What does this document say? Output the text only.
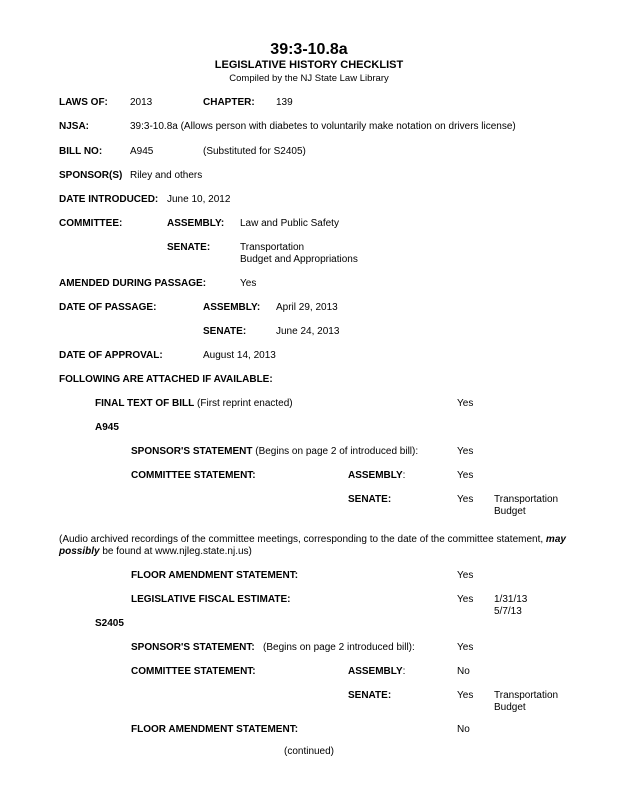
39:3-10.8a
LEGISLATIVE HISTORY CHECKLIST
Compiled by the NJ State Law Library
LAWS OF: 2013	CHAPTER: 139
NJSA:	39:3-10.8a (Allows person with diabetes to voluntarily make notation on drivers license)
BILL NO:	A945	(Substituted for S2405)
SPONSOR(S) Riley and others
DATE INTRODUCED: June 10, 2012
COMMITTEE:	ASSEMBLY: Law and Public Safety
SENATE:	Transportation
Budget and Appropriations
AMENDED DURING PASSAGE:	Yes
DATE OF PASSAGE:	ASSEMBLY: April 29, 2013
SENATE:	June 24, 2013
DATE OF APPROVAL:	August 14, 2013
FOLLOWING ARE ATTACHED IF AVAILABLE:
FINAL TEXT OF BILL (First reprint enacted)	Yes
A945
SPONSOR'S STATEMENT (Begins on page 2 of introduced bill):	Yes
COMMITTEE STATEMENT:	ASSEMBLY:	Yes
SENATE:	Yes Transportation
Budget
(Audio archived recordings of the committee meetings, corresponding to the date of the committee statement, may possibly be found at www.njleg.state.nj.us)
FLOOR AMENDMENT STATEMENT:	Yes
LEGISLATIVE FISCAL ESTIMATE:	Yes 1/31/13
5/7/13
S2405
SPONSOR'S STATEMENT:   (Begins on page 2 introduced bill):	Yes
COMMITTEE STATEMENT:	ASSEMBLY:	No
SENATE:	Yes Transportation
Budget
FLOOR AMENDMENT STATEMENT:	No
(continued)
